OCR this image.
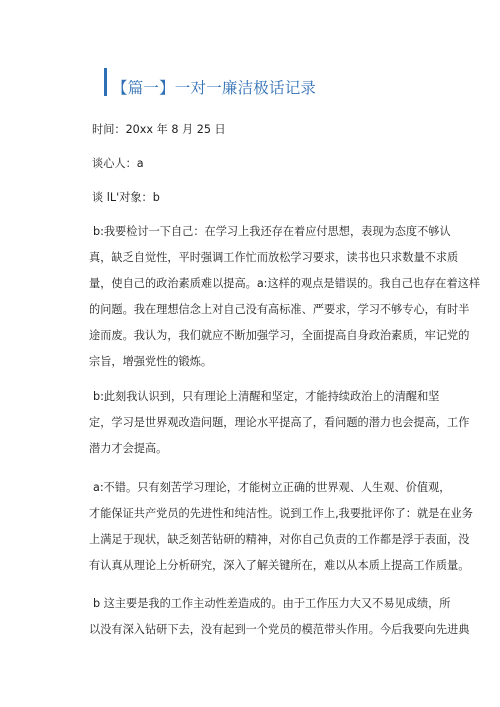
【篇一】一对一廉洁极话记录
时间：20xx 年 8 月 25 日
谈心人：a
谈 lL'对象：b
b:我要检讨一下自己：在学习上我还存在着应付思想，表现为态度不够认
真，缺乏自觉性，平时强调工作忙而放松学习要求，读书也只求数量不求质
量，使自己的政治素质难以提高。a:这样的观点是错误的。我自己也存在着这样
的问题。我在理想信念上对自己没有高标准、严要求，学习不够专心，有时半
途而废。我认为，我们就应不断加强学习，全面提高自身政治素质，牢记党的
宗旨，增强党性的锻炼。
b:此刻我认识到，只有理论上清醒和坚定，才能持续政治上的清醒和坚
定，学习是世界观改造问题，理论水平提高了，看问题的潜力也会提高，工作
潜力才会提高。
a:不错。只有刻苦学习理论，才能树立正确的世界观、人生观、价值观，
才能保证共产党员的先进性和纯洁性。说到工作上,我要批评你了：就是在业务
上满足于现状，缺乏刻苦钻研的精神，对你自己负责的工作都是浮于表面，没
有认真从理论上分析研究，深入了解关键所在，难以从本质上提高工作质量。
b 这主要是我的工作主动性差造成的。由于工作压力大又不易见成绩，所
以没有深入钻研下去，没有起到一个党员的模范带头作用。今后我要向先进典
